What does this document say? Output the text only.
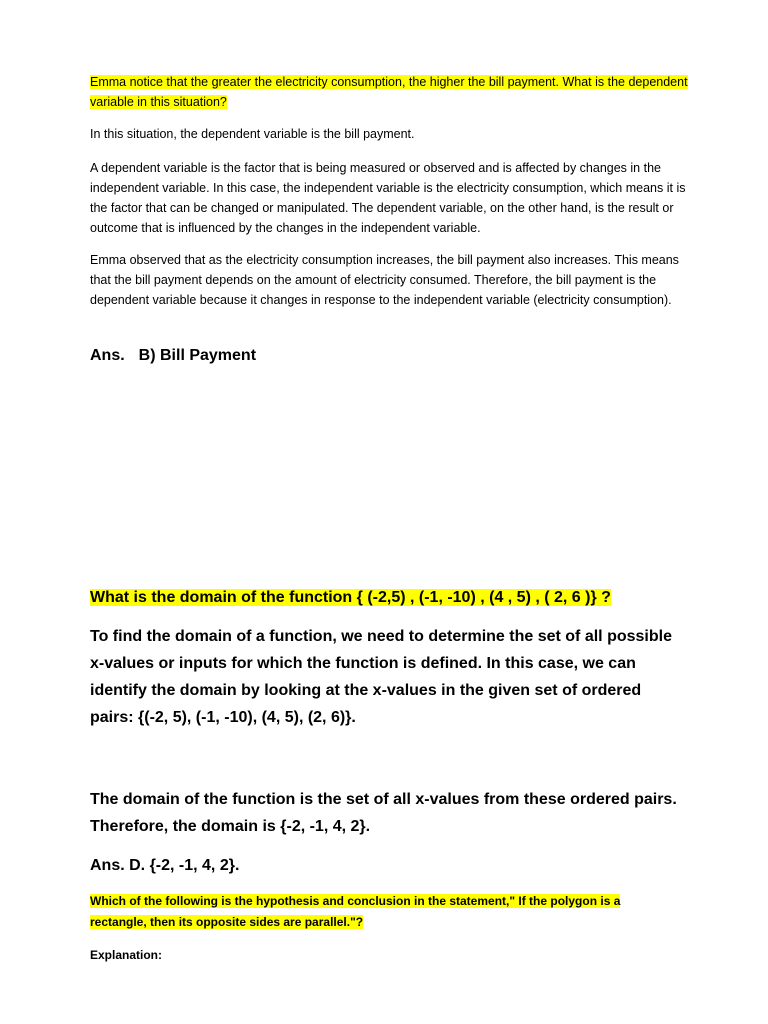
Emma notice that the greater the electricity consumption, the higher the bill payment. What is the dependent variable in this situation?

In this situation, the dependent variable is the bill payment.

A dependent variable is the factor that is being measured or observed and is affected by changes in the independent variable. In this case, the independent variable is the electricity consumption, which means it is the factor that can be changed or manipulated. The dependent variable, on the other hand, is the result or outcome that is influenced by the changes in the independent variable.

Emma observed that as the electricity consumption increases, the bill payment also increases. This means that the bill payment depends on the amount of electricity consumed. Therefore, the bill payment is the dependent variable because it changes in response to the independent variable (electricity consumption).

Ans. B) Bill Payment
What is the domain of the function { (-2,5) , (-1, -10) , (4 , 5) , ( 2, 6 )} ?

To find the domain of a function, we need to determine the set of all possible x-values or inputs for which the function is defined. In this case, we can identify the domain by looking at the x-values in the given set of ordered pairs: {(-2, 5), (-1, -10), (4, 5), (2, 6)}.

The domain of the function is the set of all x-values from these ordered pairs. Therefore, the domain is {-2, -1, 4, 2}.

Ans. D. {-2, -1, 4, 2}.
Which of the following is the hypothesis and conclusion in the statement," If the polygon is a rectangle, then its opposite sides are parallel."?
Explanation:
